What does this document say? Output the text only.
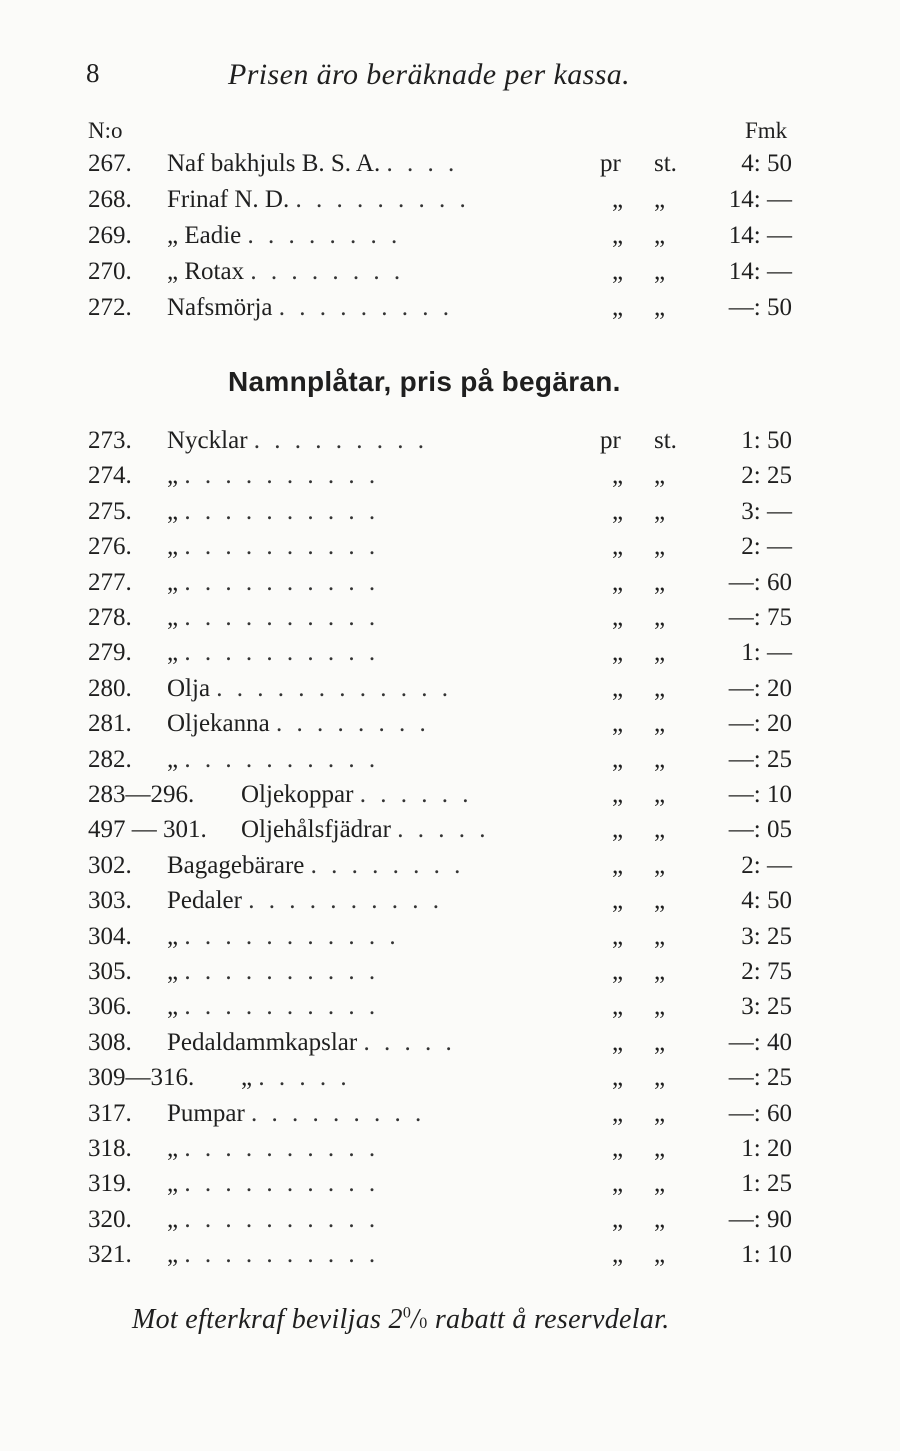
8	Prisen äro beräknade per kassa.
N:o	Fmk
267. Naf bakhjuls B. S. A. . . . .	pr st.	4: 50
268. Frinaf N. D. . . . . . . . . .	„ „	14: —
269. „ Eadie . . . . . . . .	„ „	14: —
270. „ Rotax . . . . . . . .	„ „	14: —
272. Nafsmörja . . . . . . . . .	„ „	—: 50
Namnplåtar, pris på begäran.
273. Nycklar . . . . . . . . .	pr st.	1: 50
274. „ . . . . . . . . . .	„ „	2: 25
275. „ . . . . . . . . . .	„ „	3: —
276. „ . . . . . . . . . .	„ „	2: —
277. „ . . . . . . . . . .	„ „	—: 60
278. „ . . . . . . . . . .	„ „	—: 75
279. „ . . . . . . . . . .	„ „	1: —
280. Olja . . . . . . . . . . . .	„ „	—: 20
281. Oljekanna . . . . . . . .	„ „	—: 20
282. „ . . . . . . . . . .	„ „	—: 25
283—296. Oljekoppar . . . . . .	„ „	—: 10
497 — 301. Oljehålsfjädrar . . . . .	„ „	—: 05
302. Bagagebärare . . . . . . . .	„ „	2: —
303. Pedaler . . . . . . . . . .	„ „	4: 50
304. „ . . . . . . . . . . .	„ „	3: 25
305. „ . . . . . . . . . .	„ „	2: 75
306. „ . . . . . . . . . .	„ „	3: 25
308. Pedaldammkapslar . . . . .	„ „	—: 40
309—316. „ . . . . .	„ „	—: 25
317. Pumpar . . . . . . . . .	„ „	—: 60
318. „ . . . . . . . . . .	„ „	1: 20
319. „ . . . . . . . . . .	„ „	1: 25
320. „ . . . . . . . . . .	„ „	—: 90
321. „ . . . . . . . . . .	„ „	1: 10
Mot efterkraf beviljas $2^0/0$ rabatt å reservdelar.
